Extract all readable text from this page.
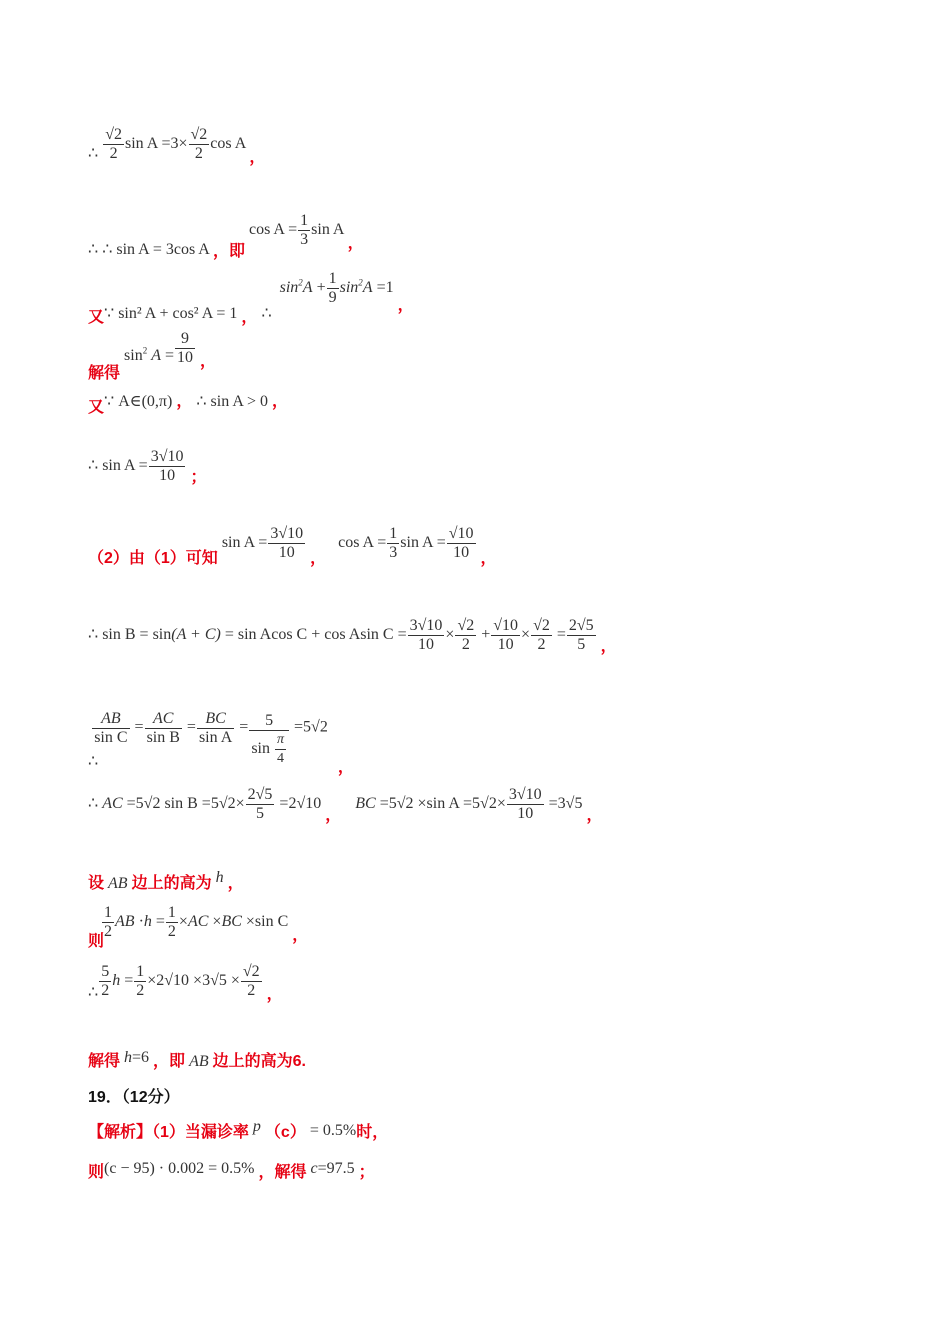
∴ $\frac{√2}{2}$ $\sin A =3\times \frac{√2}{2}$ cos A ，
∴ ∴ sin A = 3cos A ，即 $\cos A = \frac{1}{3}$ sin A ，
又∵ sin² A + cos² A = 1 ， ∴ $\sin^2A + \frac{1}{9} \sin^2A =1$ ，
解得 $\sin^2 A = \frac{9}{10}$ ，
又∵ A∈(0,π) ， ∴ sin A > 0 ，
∴ $\sin A = \frac{3√10}{10}$ ；
（2）由（1）可知 $\sin A = \frac{3√10}{10}$ ， $\cos A = \frac{1}{3}$ $\sin A = \frac{√10}{10}$ ，
∴ sin B = sin(A + C) = sin Acos C + cos Asin $C = \frac{3√10}{10} \times \frac{√2}{2} + \frac{√10}{10} \times \frac{√2}{2} = \frac{2√5}{5}$ ，
∴
$\frac{AB}{\text{sin C}} = \frac{AC}{\text{sin B}} = \frac{BC}{\text{sin A}} = \frac{5}{\sin \frac{\pi}{4}} =5√2$ ，
∴ AC =5√2 $\sin B =5√2\times \frac{2√5}{5} =2√10$ ， BC =5√2 ×sin $A =5√2\times \frac{3√10}{10} =3√5$ ，
设 AB 边上的高为 h ，
则
$\frac{1}{2}$ AB $\cdot h = \frac{1}{2} \times AC \times BC \times\sin$ C ，
∴ $\frac{5}{2}$ $h = \frac{1}{2} \times 2√10 \times 3√5 \times \frac{√2}{2}$ ，
解得 h=6 ，即 AB 边上的高为6.
19．（12分）
【解析】（1）当漏诊率 p （c） = 0.5%时，
则(c − 95) · 0.002 = 0.5% ，解得 c=97.5 ；
